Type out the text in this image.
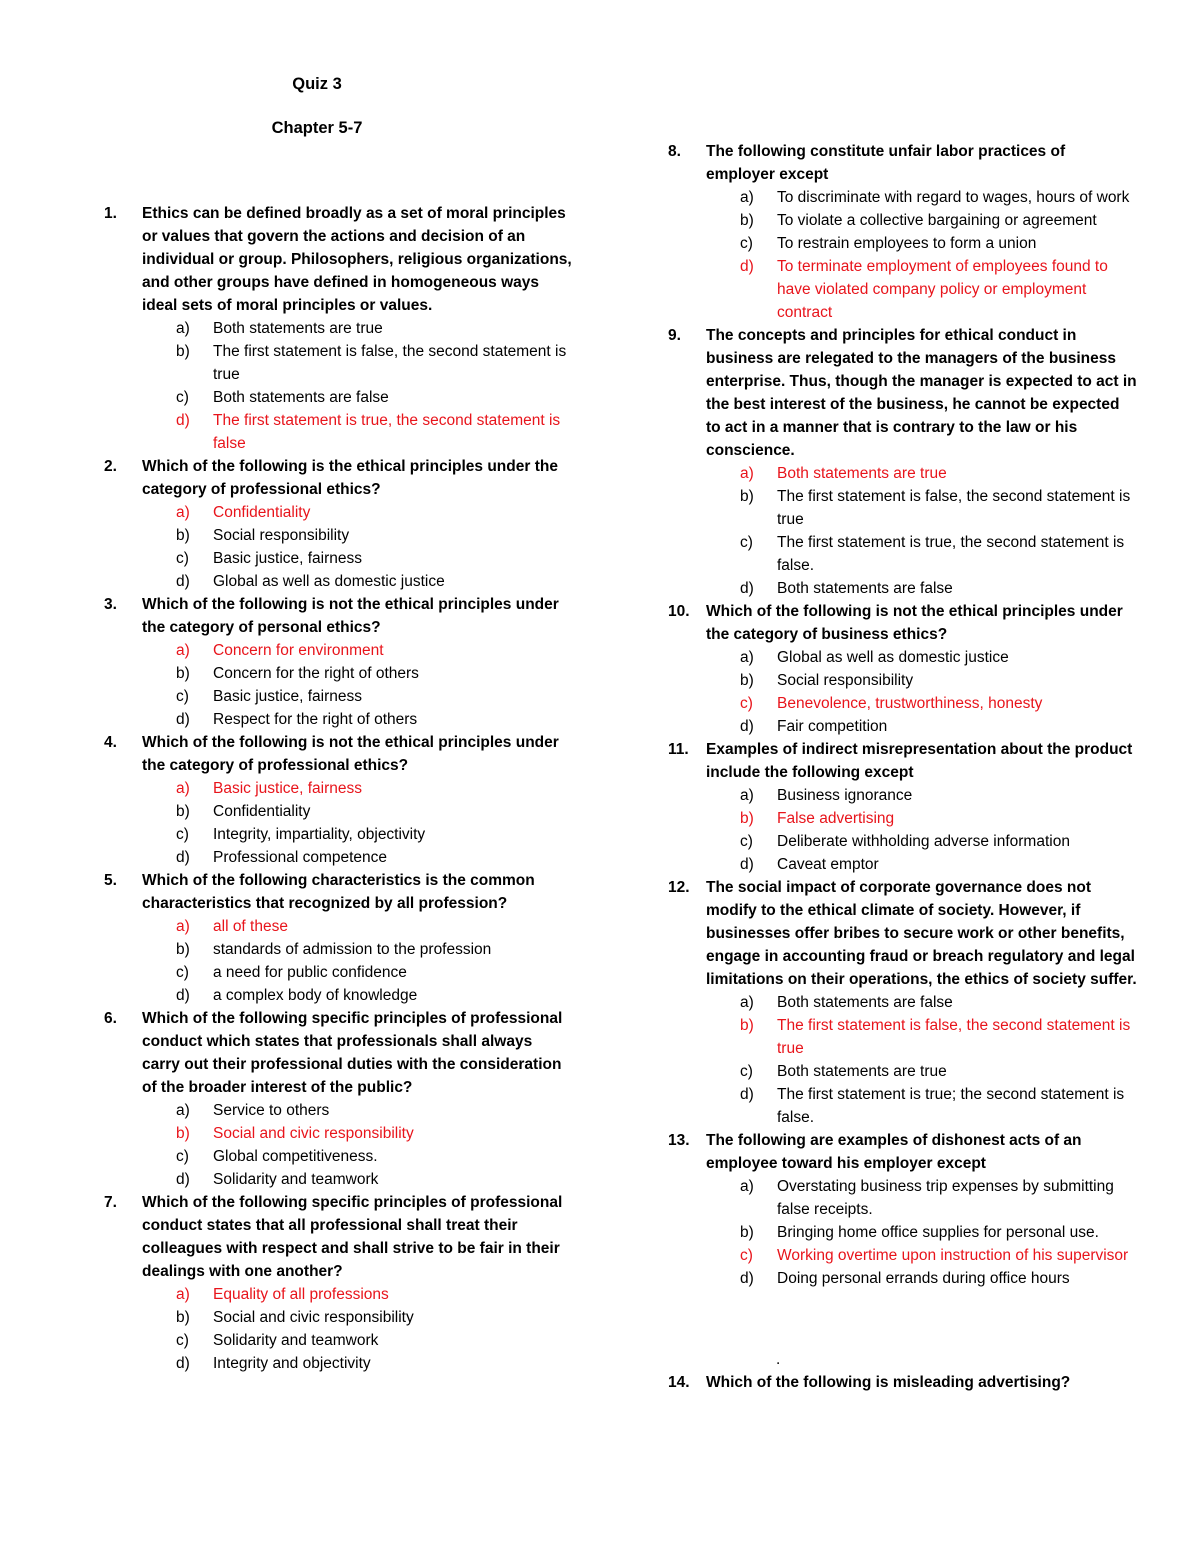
Quiz 3
Chapter 5-7
1. Ethics can be defined broadly as a set of moral principles or values that govern the actions and decision of an individual or group. Philosophers, religious organizations, and other groups have defined in homogeneous ways ideal sets of moral principles or values.
a) Both statements are true
b) The first statement is false, the second statement is true
c) Both statements are false
d) The first statement is true, the second statement is false
2. Which of the following is the ethical principles under the category of professional ethics?
a) Confidentiality
b) Social responsibility
c) Basic justice, fairness
d) Global as well as domestic justice
3. Which of the following is not the ethical principles under the category of personal ethics?
a) Concern for environment
b) Concern for the right of others
c) Basic justice, fairness
d) Respect for the right of others
4. Which of the following is not the ethical principles under the category of professional ethics?
a) Basic justice, fairness
b) Confidentiality
c) Integrity, impartiality, objectivity
d) Professional competence
5. Which of the following characteristics is the common characteristics that recognized by all profession?
a) all of these
b) standards of admission to the profession
c) a need for public confidence
d) a complex body of knowledge
6. Which of the following specific principles of professional conduct which states that professionals shall always carry out their professional duties with the consideration of the broader interest of the public?
a) Service to others
b) Social and civic responsibility
c) Global competitiveness.
d) Solidarity and teamwork
7. Which of the following specific principles of professional conduct states that all professional shall treat their colleagues with respect and shall strive to be fair in their dealings with one another?
a) Equality of all professions
b) Social and civic responsibility
c) Solidarity and teamwork
d) Integrity and objectivity
8. The following constitute unfair labor practices of employer except
a) To discriminate with regard to wages, hours of work
b) To violate a collective bargaining or agreement
c) To restrain employees to form a union
d) To terminate employment of employees found to have violated company policy or employment contract
9. The concepts and principles for ethical conduct in business are relegated to the managers of the business enterprise. Thus, though the manager is expected to act in the best interest of the business, he cannot be expected to act in a manner that is contrary to the law or his conscience.
a) Both statements are true
b) The first statement is false, the second statement is true
c) The first statement is true, the second statement is false.
d) Both statements are false
10. Which of the following is not the ethical principles under the category of business ethics?
a) Global as well as domestic justice
b) Social responsibility
c) Benevolence, trustworthiness, honesty
d) Fair competition
11. Examples of indirect misrepresentation about the product include the following except
a) Business ignorance
b) False advertising
c) Deliberate withholding adverse information
d) Caveat emptor
12. The social impact of corporate governance does not modify to the ethical climate of society. However, if businesses offer bribes to secure work or other benefits, engage in accounting fraud or breach regulatory and legal limitations on their operations, the ethics of society suffer.
a) Both statements are false
b) The first statement is false, the second statement is true
c) Both statements are true
d) The first statement is true; the second statement is false.
13. The following are examples of dishonest acts of an employee toward his employer except
a) Overstating business trip expenses by submitting false receipts.
b) Bringing home office supplies for personal use.
c) Working overtime upon instruction of his supervisor
d) Doing personal errands during office hours
.
14. Which of the following is misleading advertising?
